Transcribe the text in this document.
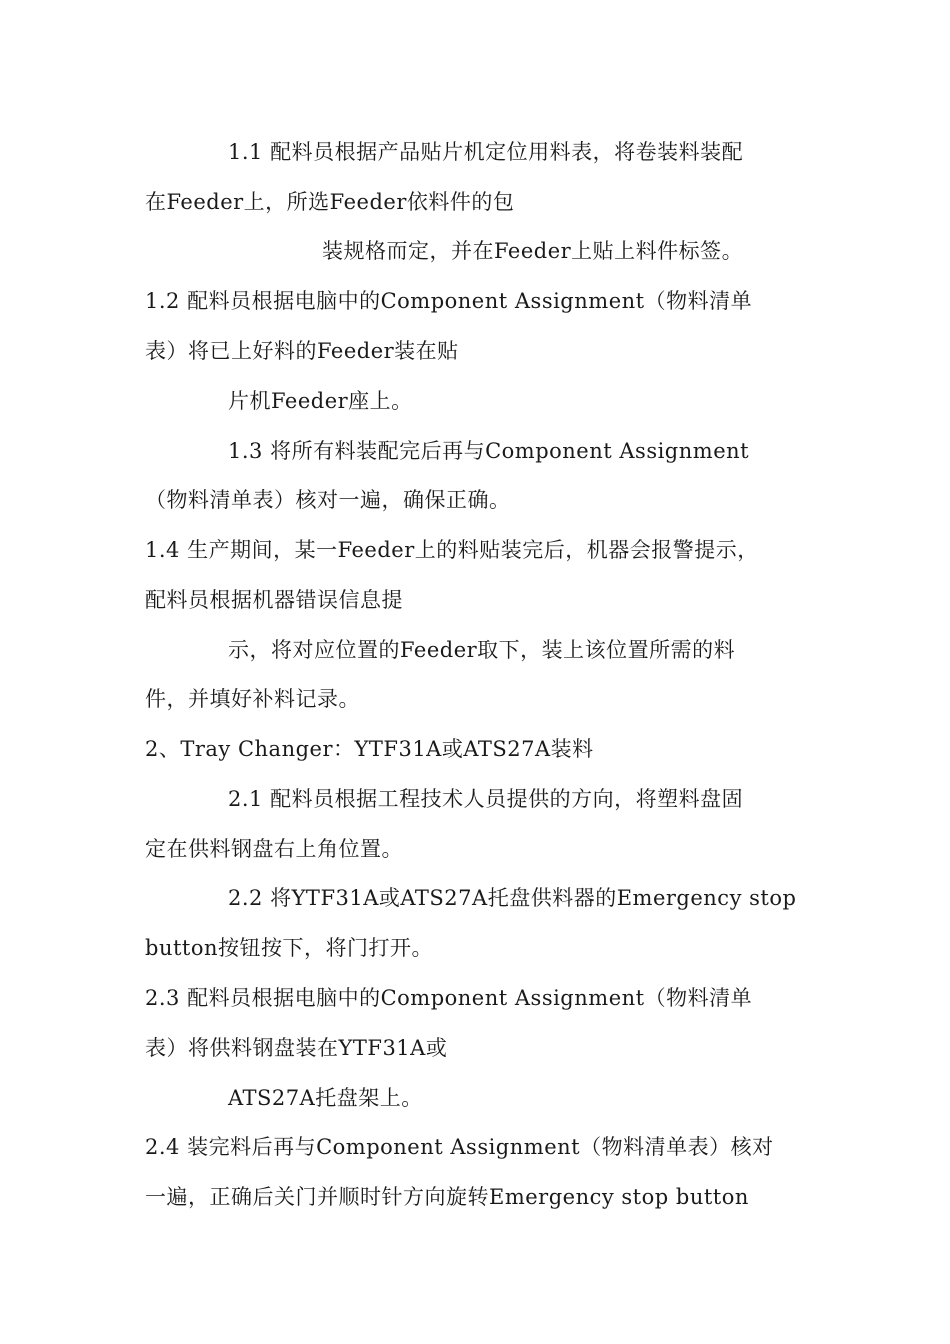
1.1 配料员根据产品贴片机定位用料表，将卷装料装配
在Feeder上，所选Feeder依料件的包
装规格而定，并在Feeder上贴上料件标签。
1.2 配料员根据电脑中的Component Assignment（物料清单
表）将已上好料的Feeder装在贴
片机Feeder座上。
1.3 将所有料装配完后再与Component Assignment
（物料清单表）核对一遍，确保正确。
1.4 生产期间，某一Feeder上的料贴装完后，机器会报警提示，
配料员根据机器错误信息提
示，将对应位置的Feeder取下，装上该位置所需的料
件，并填好补料记录。
2、Tray Changer：YTF31A或ATS27A装料
2.1 配料员根据工程技术人员提供的方向，将塑料盘固
定在供料钢盘右上角位置。
2.2 将YTF31A或ATS27A托盘供料器的Emergency stop
button按钮按下，将门打开。
2.3 配料员根据电脑中的Component Assignment（物料清单
表）将供料钢盘装在YTF31A或
ATS27A托盘架上。
2.4 装完料后再与Component Assignment（物料清单表）核对
一遍，正确后关门并顺时针方向旋转Emergency stop button
